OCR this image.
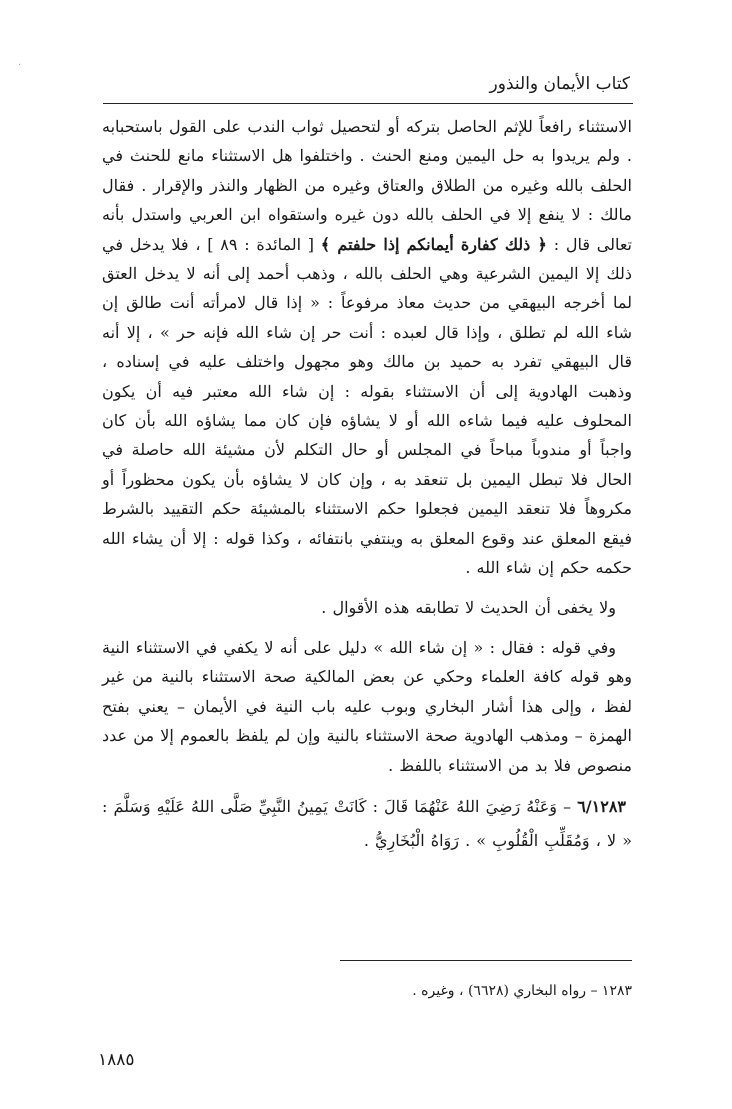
كتاب الأيمان والنذور
·

الاستثناء رافعاً للإثم الحاصل بتركه أو لتحصيل ثواب الندب على القول باستحبابه . ولم يريدوا به حل اليمين ومنع الحنث . واختلفوا هل الاستثناء مانع للحنث في الحلف بالله وغيره من الطلاق والعتاق وغيره من الظهار والنذر والإقرار . فقال مالك : لا ينفع إلا في الحلف بالله دون غيره واستقواه ابن العربي واستدل بأنه تعالى قال : ﴿ ذلك كفارة أيمانكم إذا حلفتم ﴾ [ المائدة : ٨٩ ] ، فلا يدخل في ذلك إلا اليمين الشرعية وهي الحلف بالله ، وذهب أحمد إلى أنه لا يدخل العتق لما أخرجه البيهقي من حديث معاذ مرفوعاً : « إذا قال لامرأته أنت طالق إن شاء الله لم تطلق ، وإذا قال لعبده : أنت حر إن شاء الله فإنه حر » ، إلا أنه قال البيهقي تفرد به حميد بن مالك وهو مجهول واختلف عليه في إسناده ، وذهبت الهادوية إلى أن الاستثناء بقوله : إن شاء الله معتبر فيه أن يكون المحلوف عليه فيما شاءه الله أو لا يشاؤه فإن كان مما يشاؤه الله بأن كان واجباً أو مندوباً مباحاً في المجلس أو حال التكلم لأن مشيئة الله حاصلة في الحال فلا تبطل اليمين بل تنعقد به ، وإن كان لا يشاؤه بأن يكون محظوراً أو مكروهاً فلا تنعقد اليمين فجعلوا حكم الاستثناء بالمشيئة حكم التقييد بالشرط فيقع المعلق عند وقوع المعلق به وينتفي بانتفائه ، وكذا قوله : إلا أن يشاء الله حكمه حكم إن شاء الله .

ولا يخفى أن الحديث لا تطابقه هذه الأقوال .

وفي قوله : فقال : « إن شاء الله » دليل على أنه لا يكفي في الاستثناء النية وهو قوله كافة العلماء وحكي عن بعض المالكية صحة الاستثناء بالنية من غير لفظ ، وإلى هذا أشار البخاري وبوب عليه باب النية في الأيمان – يعني بفتح الهمزة – ومذهب الهادوية صحة الاستثناء بالنية وإن لم يلفظ بالعموم إلا من عدد منصوص فلا بد من الاستثناء باللفظ .

٦/١٢٨٣ – وَعَنْهُ رَضِيَ اللهُ عَنْهُمَا قَالَ : كَانَتْ يَمِينُ النَّبِيِّ صَلَّى اللهُ عَلَيْهِ وَسَلَّمَ : « لا ، وَمُقَلِّبِ الْقُلُوبِ » . رَوَاهُ الْبُخَارِيُّ .

١٢٨٣ – رواه البخاري (٦٦٢٨) ، وغيره .
١٨٨٥
